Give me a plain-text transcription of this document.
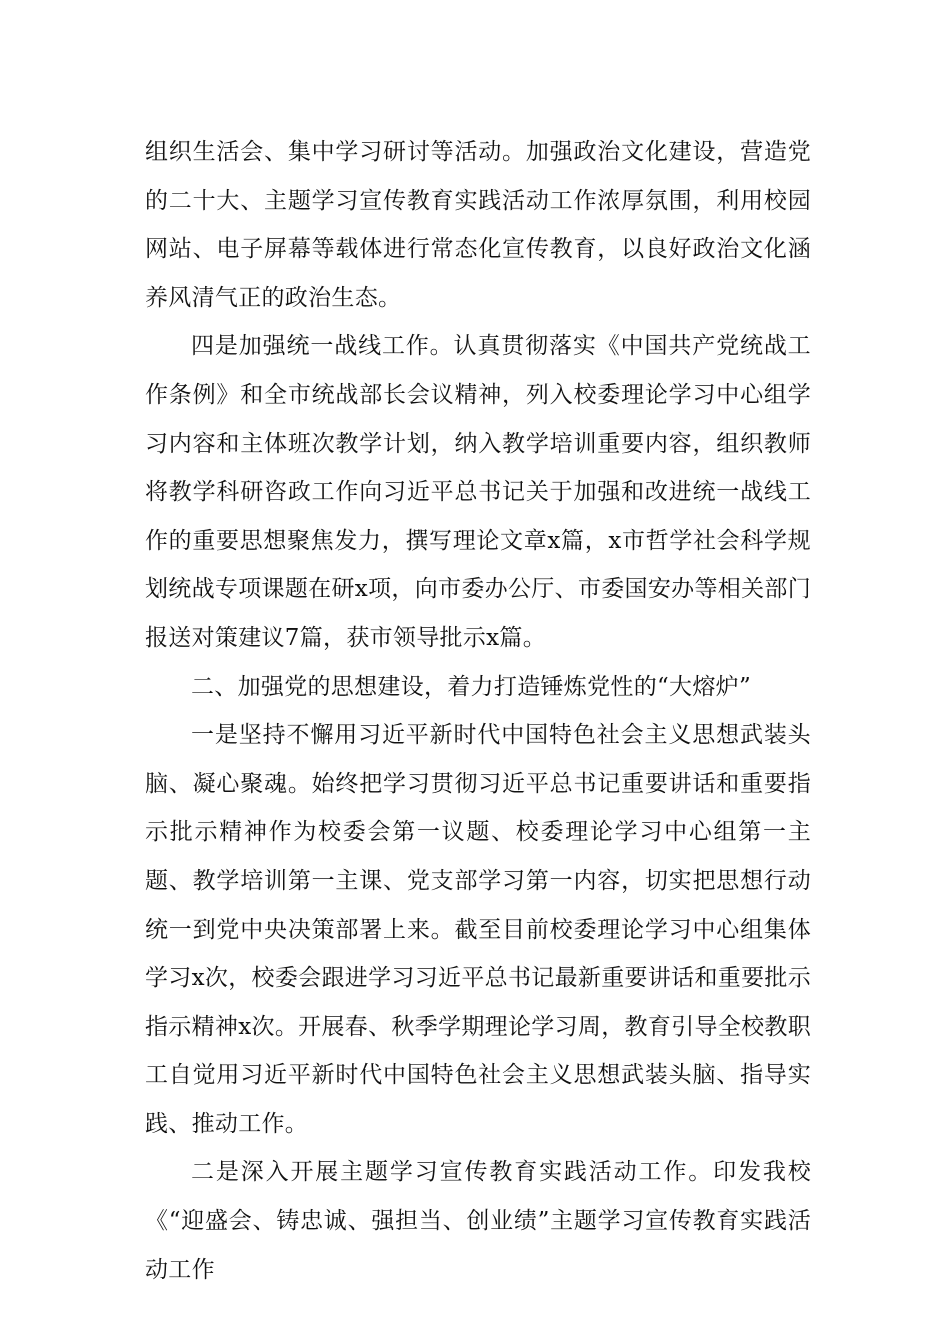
组织生活会、集中学习研讨等活动。加强政治文化建设，营造党的二十大、主题学习宣传教育实践活动工作浓厚氛围，利用校园网站、电子屏幕等载体进行常态化宣传教育，以良好政治文化涵养风清气正的政治生态。

四是加强统一战线工作。认真贯彻落实《中国共产党统战工作条例》和全市统战部长会议精神，列入校委理论学习中心组学习内容和主体班次教学计划，纳入教学培训重要内容，组织教师将教学科研咨政工作向习近平总书记关于加强和改进统一战线工作的重要思想聚焦发力，撰写理论文章x篇，x市哲学社会科学规划统战专项课题在研x项，向市委办公厅、市委国安办等相关部门报送对策建议7篇，获市领导批示x篇。

二、加强党的思想建设，着力打造锤炼党性的“大熔炉”

一是坚持不懈用习近平新时代中国特色社会主义思想武装头脑、凝心聚魂。始终把学习贯彻习近平总书记重要讲话和重要指示批示精神作为校委会第一议题、校委理论学习中心组第一主题、教学培训第一主课、党支部学习第一内容，切实把思想行动统一到党中央决策部署上来。截至目前校委理论学习中心组集体学习x次，校委会跟进学习习近平总书记最新重要讲话和重要批示指示精神x次。开展春、秋季学期理论学习周，教育引导全校教职工自觉用习近平新时代中国特色社会主义思想武装头脑、指导实践、推动工作。

二是深入开展主题学习宣传教育实践活动工作。印发我校《“迎盛会、铸忠诚、强担当、创业绩”主题学习宣传教育实践活动工作
